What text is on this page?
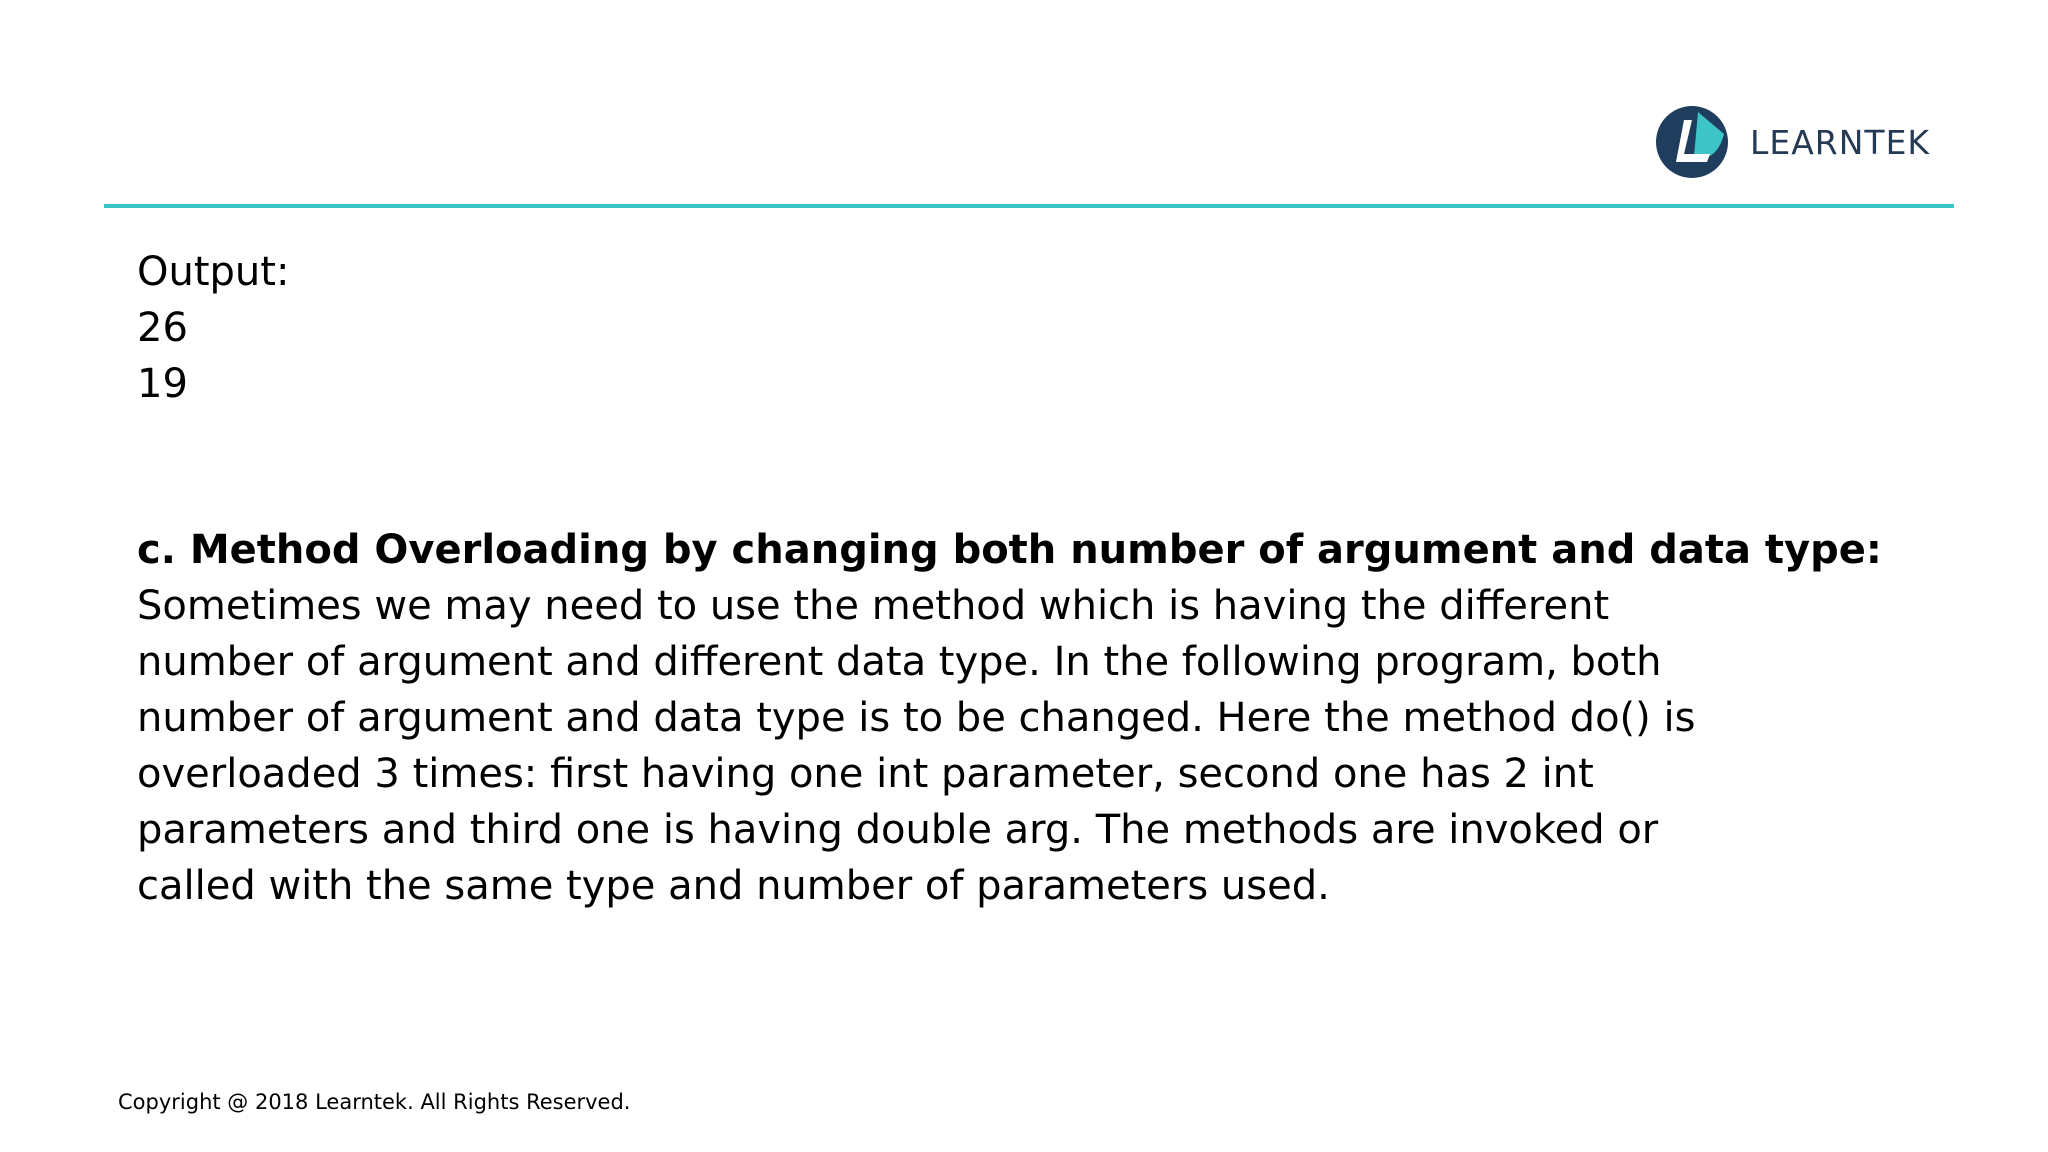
LEARNTEK
Output:
26
19
c. Method Overloading by changing both number of argument and data type:
Sometimes we may need to use the method which is having the different
number of argument and different data type. In the following program, both
number of argument and data type is to be changed. Here the method do() is
overloaded 3 times: first having one int parameter, second one has 2 int
parameters and third one is having double arg. The methods are invoked or
called with the same type and number of parameters used.
Copyright @ 2018 Learntek. All Rights Reserved.
